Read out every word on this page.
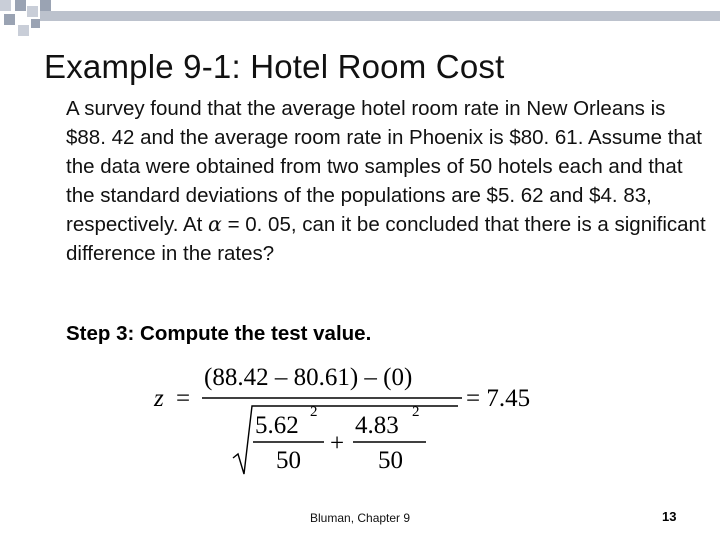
Example 9-1: Hotel Room Cost
A survey found that the average hotel room rate in New Orleans is $88. 42 and the average room rate in Phoenix is $80. 61. Assume that the data were obtained from two samples of 50 hotels each and that the standard deviations of the populations are $5. 62 and $4. 83, respectively. At α = 0. 05, can it be concluded that there is a significant difference in the rates?
Step 3: Compute the test value.
z =
(88.42 – 80.61) – (0)
5.62 2
50
+
4.83 2
50
= 7.45
Bluman, Chapter 9	13
